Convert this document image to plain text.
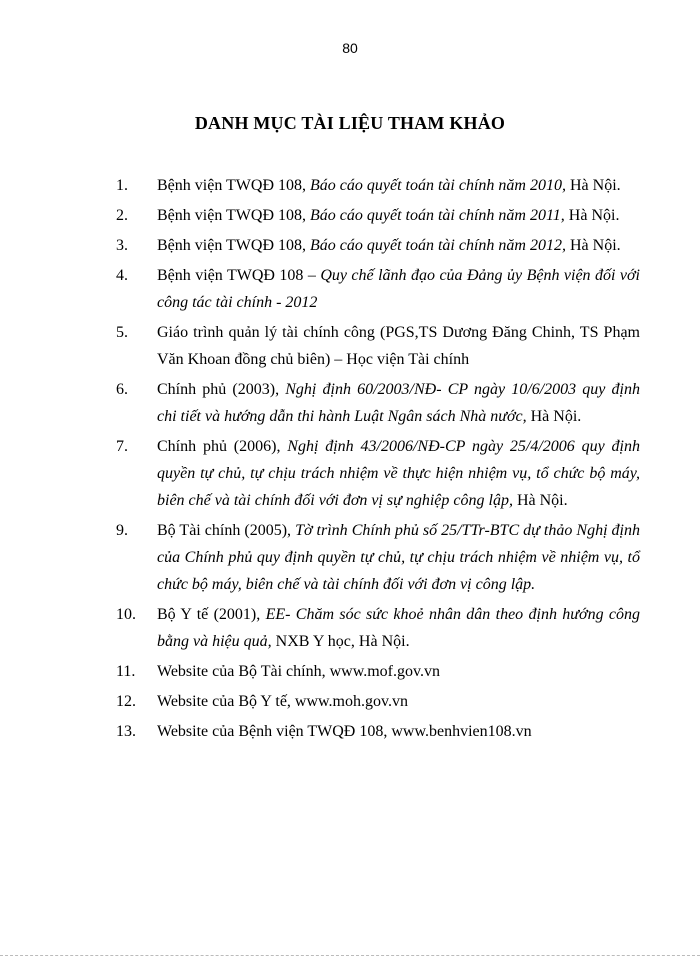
80
DANH MỤC TÀI LIỆU THAM KHẢO
1.	Bệnh viện TWQĐ 108, Báo cáo quyết toán tài chính năm 2010, Hà Nội.
2.	Bệnh viện TWQĐ 108, Báo cáo quyết toán tài chính năm 2011, Hà Nội.
3.	Bệnh viện TWQĐ 108, Báo cáo quyết toán tài chính năm 2012, Hà Nội.
4.	Bệnh viện TWQĐ 108 – Quy chế lãnh đạo của Đảng ủy Bệnh viện đối với công tác tài chính - 2012
5.	Giáo trình quản lý tài chính công (PGS,TS Dương Đăng Chinh, TS Phạm Văn Khoan đồng chủ biên) – Học viện Tài chính
6.	Chính phủ (2003), Nghị định 60/2003/NĐ- CP ngày 10/6/2003 quy định chi tiết và hướng dẫn thi hành Luật Ngân sách Nhà nước, Hà Nội.
7.	Chính phủ (2006), Nghị định 43/2006/NĐ-CP ngày 25/4/2006 quy định quyền tự chủ, tự chịu trách nhiệm về thực hiện nhiệm vụ, tổ chức bộ máy, biên chế và tài chính đối với đơn vị sự nghiệp công lập, Hà Nội.
9.	Bộ Tài chính (2005), Tờ trình Chính phủ số 25/TTr-BTC dự thảo Nghị định của Chính phủ quy định quyền tự chủ, tự chịu trách nhiệm về nhiệm vụ, tổ chức bộ máy, biên chế và tài chính đối với đơn vị công lập.
10.	Bộ Y tế (2001), EE- Chăm sóc sức khoẻ nhân dân theo định hướng công bằng và hiệu quả, NXB Y học, Hà Nội.
11.	Website của Bộ Tài chính, www.mof.gov.vn
12.	Website của Bộ Y tế, www.moh.gov.vn
13.	Website của Bệnh viện TWQĐ 108, www.benhvien108.vn
